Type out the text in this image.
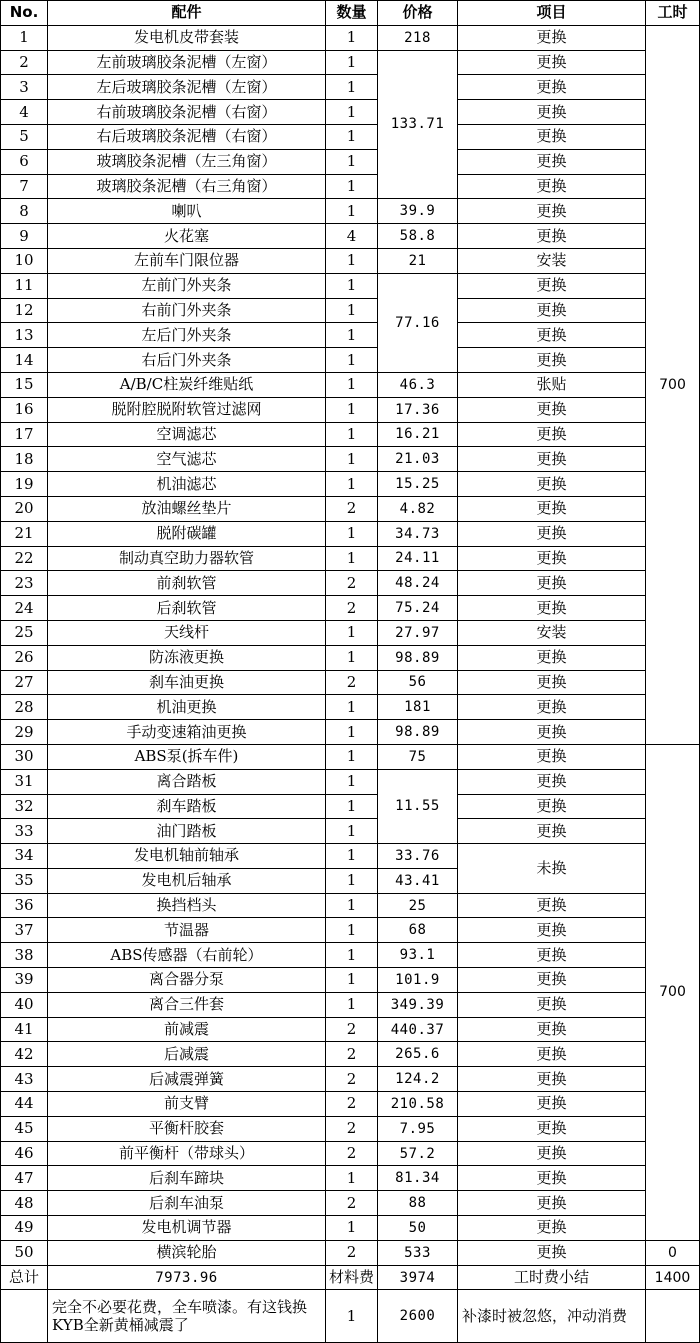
No.	配件	数量	价格	项目	工时
1	发电机皮带套装	1	218	更换	700
2	左前玻璃胶条泥槽（左窗）	1	133.71	更换	
3	左后玻璃胶条泥槽（左窗）	1		更换	
4	右前玻璃胶条泥槽（右窗）	1		更换	
5	右后玻璃胶条泥槽（右窗）	1		更换	
6	玻璃胶条泥槽（左三角窗）	1		更换	
7	玻璃胶条泥槽（右三角窗）	1		更换	
8	喇叭	1	39.9	更换	
9	火花塞	4	58.8	更换	
10	左前车门限位器	1	21	安装	
11	左前门外夹条	1	77.16	更换	
12	右前门外夹条	1		更换	
13	左后门外夹条	1		更换	
14	右后门外夹条	1		更换	
15	A/B/C柱炭纤维贴纸	1	46.3	张贴	
16	脱附腔脱附软管过滤网	1	17.36	更换	
17	空调滤芯	1	16.21	更换	
18	空气滤芯	1	21.03	更换	
19	机油滤芯	1	15.25	更换	
20	放油螺丝垫片	2	4.82	更换	
21	脱附碳罐	1	34.73	更换	
22	制动真空助力器软管	1	24.11	更换	
23	前刹软管	2	48.24	更换	
24	后刹软管	2	75.24	更换	
25	天线杆	1	27.97	安装	
26	防冻液更换	1	98.89	更换	
27	刹车油更换	2	56	更换	
28	机油更换	1	181	更换	
29	手动变速箱油更换	1	98.89	更换	
30	ABS泵(拆车件)	1	75	更换	700
31	离合踏板	1	11.55	更换	
32	刹车踏板	1		更换	
33	油门踏板	1		更换	
34	发电机轴前轴承	1	33.76	未换	
35	发电机后轴承	1	43.41		
36	换挡档头	1	25	更换	
37	节温器	1	68	更换	
38	ABS传感器（右前轮）	1	93.1	更换	
39	离合器分泵	1	101.9	更换	
40	离合三件套	1	349.39	更换	
41	前减震	2	440.37	更换	
42	后减震	2	265.6	更换	
43	后减震弹簧	2	124.2	更换	
44	前支臂	2	210.58	更换	
45	平衡杆胶套	2	7.95	更换	
46	前平衡杆（带球头）	2	57.2	更换	
47	后刹车蹄块	1	81.34	更换	
48	后刹车油泵	2	88	更换	
49	发电机调节器	1	50	更换	
50	横滨轮胎	2	533	更换	0
总计	7973.96	材料费	3974	工时费小结	1400
	完全不必要花费，全车喷漆。有这钱换KYB全新黄桶减震了	1	2600	补漆时被忽悠，冲动消费	
